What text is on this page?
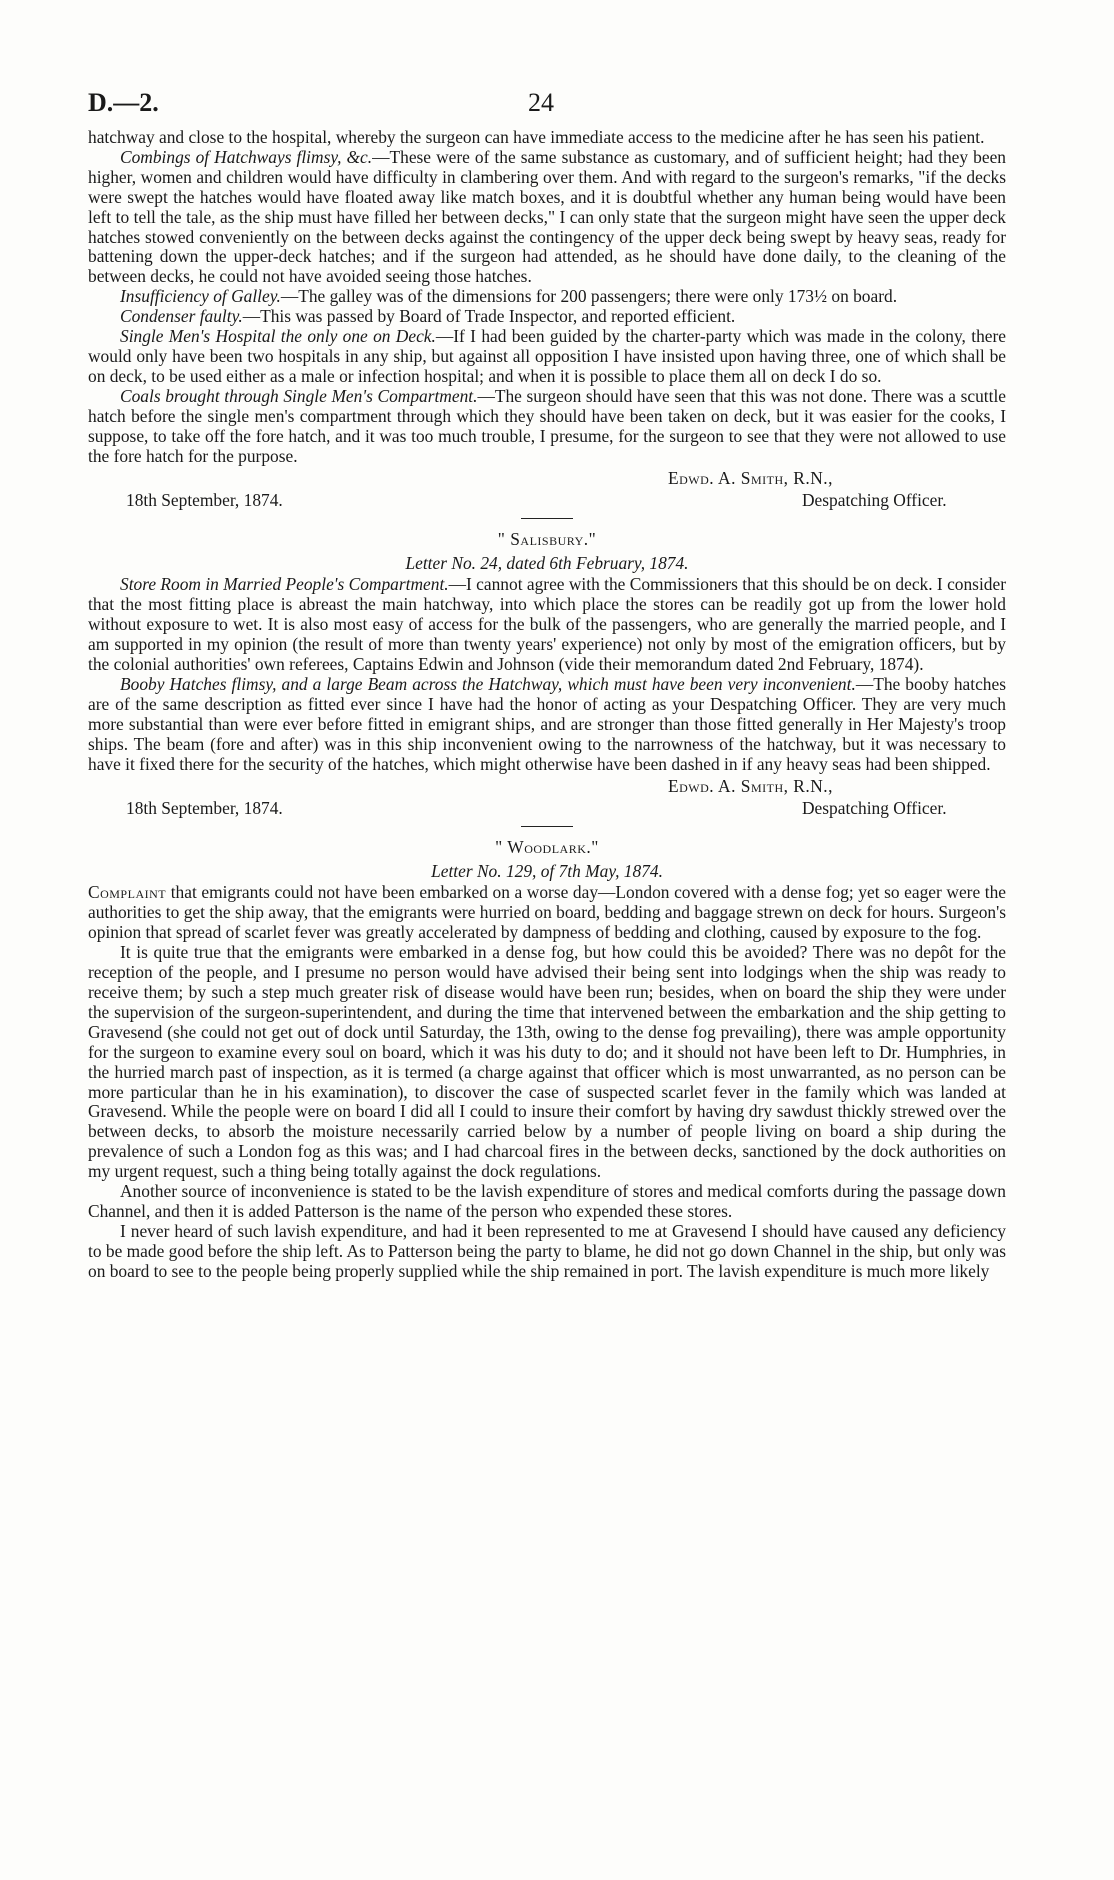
D.—2.	24

hatchway and close to the hospital, whereby the surgeon can have immediate access to the medicine after he has seen his patient.

Combings of Hatchways flimsy, &c.—These were of the same substance as customary, and of sufficient height; had they been higher, women and children would have difficulty in clambering over them. And with regard to the surgeon's remarks, "if the decks were swept the hatches would have floated away like match boxes, and it is doubtful whether any human being would have been left to tell the tale, as the ship must have filled her between decks," I can only state that the surgeon might have seen the upper deck hatches stowed conveniently on the between decks against the contingency of the upper deck being swept by heavy seas, ready for battening down the upper-deck hatches; and if the surgeon had attended, as he should have done daily, to the cleaning of the between decks, he could not have avoided seeing those hatches.

Insufficiency of Galley.—The galley was of the dimensions for 200 passengers; there were only 173½ on board.

Condenser faulty.—This was passed by Board of Trade Inspector, and reported efficient.

Single Men's Hospital the only one on Deck.—If I had been guided by the charter-party which was made in the colony, there would only have been two hospitals in any ship, but against all opposition I have insisted upon having three, one of which shall be on deck, to be used either as a male or infection hospital; and when it is possible to place them all on deck I do so.

Coals brought through Single Men's Compartment.—The surgeon should have seen that this was not done. There was a scuttle hatch before the single men's compartment through which they should have been taken on deck, but it was easier for the cooks, I suppose, to take off the fore hatch, and it was too much trouble, I presume, for the surgeon to see that they were not allowed to use the fore hatch for the purpose.

Edwd. A. Smith, R.N.,
18th September, 1874.	Despatching Officer.
" Salisbury."
Letter No. 24, dated 6th February, 1874.

Store Room in Married People's Compartment.—I cannot agree with the Commissioners that this should be on deck. I consider that the most fitting place is abreast the main hatchway, into which place the stores can be readily got up from the lower hold without exposure to wet. It is also most easy of access for the bulk of the passengers, who are generally the married people, and I am supported in my opinion (the result of more than twenty years' experience) not only by most of the emigration officers, but by the colonial authorities' own referees, Captains Edwin and Johnson (vide their memorandum dated 2nd February, 1874).

Booby Hatches flimsy, and a large Beam across the Hatchway, which must have been very inconvenient.—The booby hatches are of the same description as fitted ever since I have had the honor of acting as your Despatching Officer. They are very much more substantial than were ever before fitted in emigrant ships, and are stronger than those fitted generally in Her Majesty's troop ships. The beam (fore and after) was in this ship inconvenient owing to the narrowness of the hatchway, but it was necessary to have it fixed there for the security of the hatches, which might otherwise have been dashed in if any heavy seas had been shipped.

Edwd. A. Smith, R.N.,
18th September, 1874.	Despatching Officer.
" Woodlark."
Letter No. 129, of 7th May, 1874.

Complaint that emigrants could not have been embarked on a worse day—London covered with a dense fog; yet so eager were the authorities to get the ship away, that the emigrants were hurried on board, bedding and baggage strewn on deck for hours. Surgeon's opinion that spread of scarlet fever was greatly accelerated by dampness of bedding and clothing, caused by exposure to the fog.

It is quite true that the emigrants were embarked in a dense fog, but how could this be avoided? There was no depôt for the reception of the people, and I presume no person would have advised their being sent into lodgings when the ship was ready to receive them; by such a step much greater risk of disease would have been run; besides, when on board the ship they were under the supervision of the surgeon-superintendent, and during the time that intervened between the embarkation and the ship getting to Gravesend (she could not get out of dock until Saturday, the 13th, owing to the dense fog prevailing), there was ample opportunity for the surgeon to examine every soul on board, which it was his duty to do; and it should not have been left to Dr. Humphries, in the hurried march past of inspection, as it is termed (a charge against that officer which is most unwarranted, as no person can be more particular than he in his examination), to discover the case of suspected scarlet fever in the family which was landed at Gravesend. While the people were on board I did all I could to insure their comfort by having dry sawdust thickly strewed over the between decks, to absorb the moisture necessarily carried below by a number of people living on board a ship during the prevalence of such a London fog as this was; and I had charcoal fires in the between decks, sanctioned by the dock authorities on my urgent request, such a thing being totally against the dock regulations.

Another source of inconvenience is stated to be the lavish expenditure of stores and medical comforts during the passage down Channel, and then it is added Patterson is the name of the person who expended these stores.

I never heard of such lavish expenditure, and had it been represented to me at Gravesend I should have caused any deficiency to be made good before the ship left. As to Patterson being the party to blame, he did not go down Channel in the ship, but only was on board to see to the people being properly supplied while the ship remained in port. The lavish expenditure is much more likely
